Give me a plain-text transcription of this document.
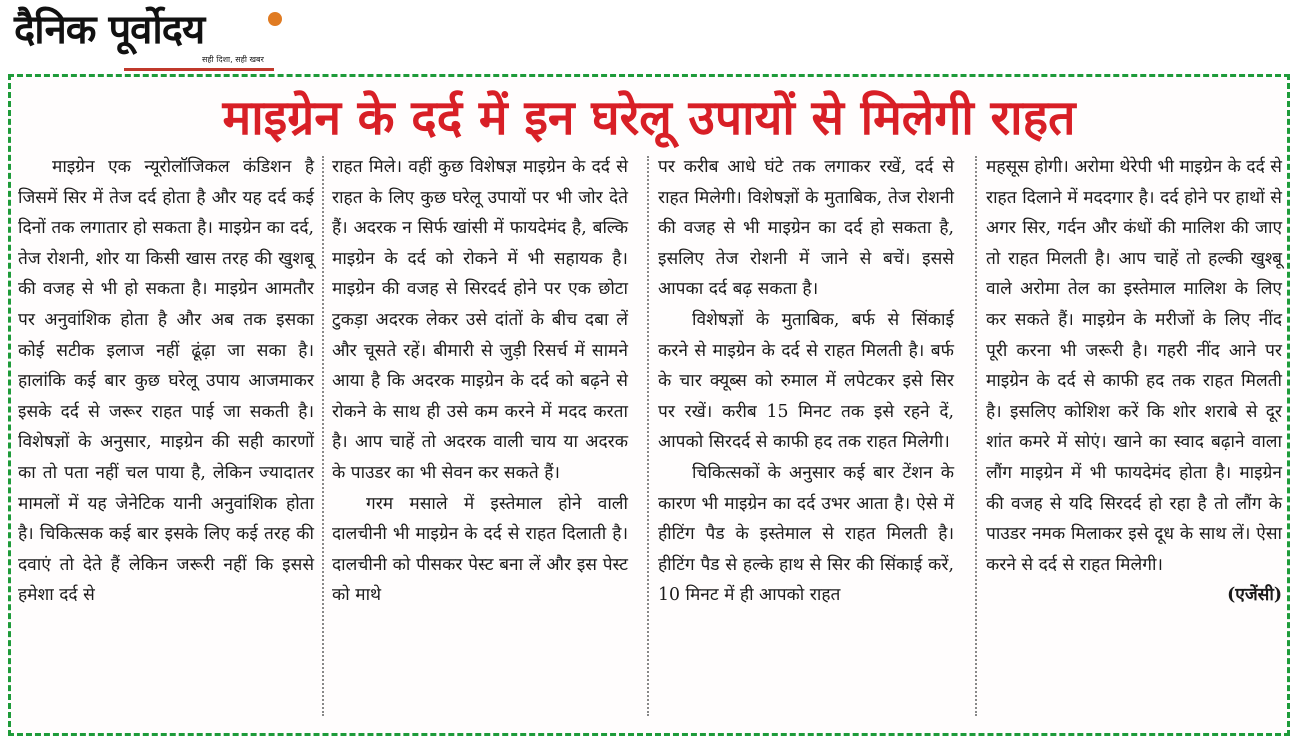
दैनिक पूर्वोदय
सही दिशा, सही खबर
माइग्रेन के दर्द में इन घरेलू उपायों से मिलेगी राहत

माइग्रेन एक न्यूरोलॉजिकल कंडिशन है जिसमें सिर में तेज दर्द होता है और यह दर्द कई दिनों तक लगातार हो सकता है। माइग्रेन का दर्द, तेज रोशनी, शोर या किसी खास तरह की खुशबू की वजह से भी हो सकता है। माइग्रेन आमतौर पर अनुवांशिक होता है और अब तक इसका कोई सटीक इलाज नहीं ढूंढ़ा जा सका है। हालांकि कई बार कुछ घरेलू उपाय आजमाकर इसके दर्द से जरूर राहत पाई जा सकती है। विशेषज्ञों के अनुसार, माइग्रेन की सही कारणों का तो पता नहीं चल पाया है, लेकिन ज्यादातर मामलों में यह जेनेटिक यानी अनुवांशिक होता है। चिकित्सक कई बार इसके लिए कई तरह की दवाएं तो देते हैं लेकिन जरूरी नहीं कि इससे हमेशा दर्द से

राहत मिले। वहीं कुछ विशेषज्ञ माइग्रेन के दर्द से राहत के लिए कुछ घरेलू उपायों पर भी जोर देते हैं। अदरक न सिर्फ खांसी में फायदेमंद है, बल्कि माइग्रेन के दर्द को रोकने में भी सहायक है। माइग्रेन की वजह से सिरदर्द होने पर एक छोटा टुकड़ा अदरक लेकर उसे दांतों के बीच दबा लें और चूसते रहें। बीमारी से जुड़ी रिसर्च में सामने आया है कि अदरक माइग्रेन के दर्द को बढ़ने से रोकने के साथ ही उसे कम करने में मदद करता है। आप चाहें तो अदरक वाली चाय या अदरक के पाउडर का भी सेवन कर सकते हैं।

गरम मसाले में इस्तेमाल होने वाली दालचीनी भी माइग्रेन के दर्द से राहत दिलाती है। दालचीनी को पीसकर पेस्ट बना लें और इस पेस्ट को माथे

पर करीब आधे घंटे तक लगाकर रखें, दर्द से राहत मिलेगी। विशेषज्ञों के मुताबिक, तेज रोशनी की वजह से भी माइग्रेन का दर्द हो सकता है, इसलिए तेज रोशनी में जाने से बचें। इससे आपका दर्द बढ़ सकता है।

विशेषज्ञों के मुताबिक, बर्फ से सिंकाई करने से माइग्रेन के दर्द से राहत मिलती है। बर्फ के चार क्यूब्स को रुमाल में लपेटकर इसे सिर पर रखें। करीब 15 मिनट तक इसे रहने दें, आपको सिरदर्द से काफी हद तक राहत मिलेगी।

चिकित्सकों के अनुसार कई बार टेंशन के कारण भी माइग्रेन का दर्द उभर आता है। ऐसे में हीटिंग पैड के इस्तेमाल से राहत मिलती है। हीटिंग पैड से हल्के हाथ से सिर की सिंकाई करें, 10 मिनट में ही आपको राहत

महसूस होगी। अरोमा थेरेपी भी माइग्रेन के दर्द से राहत दिलाने में मददगार है। दर्द होने पर हाथों से अगर सिर, गर्दन और कंधों की मालिश की जाए तो राहत मिलती है। आप चाहें तो हल्की खुश्बू वाले अरोमा तेल का इस्तेमाल मालिश के लिए कर सकते हैं। माइग्रेन के मरीजों के लिए नींद पूरी करना भी जरूरी है। गहरी नींद आने पर माइग्रेन के दर्द से काफी हद तक राहत मिलती है। इसलिए कोशिश करें कि शोर शराबे से दूर शांत कमरे में सोएं। खाने का स्वाद बढ़ाने वाला लौंग माइग्रेन में भी फायदेमंद होता है। माइग्रेन की वजह से यदि सिरदर्द हो रहा है तो लौंग के पाउडर नमक मिलाकर इसे दूध के साथ लें। ऐसा करने से दर्द से राहत मिलेगी।

(एजेंसी)
